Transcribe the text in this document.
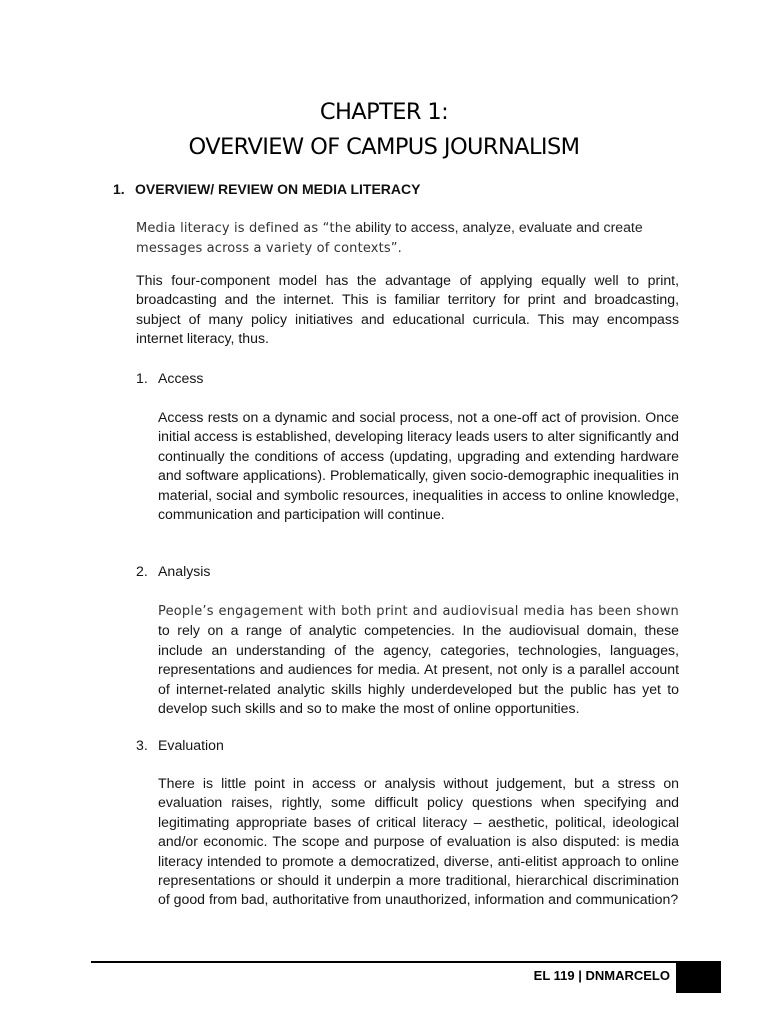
CHAPTER 1:
OVERVIEW OF CAMPUS JOURNALISM
1. OVERVIEW/ REVIEW ON MEDIA LITERACY

Media literacy is defined as “the ability to access, analyze, evaluate and create
messages across a variety of contexts”.

This four-component model has the advantage of applying equally well to print, broadcasting and the internet. This is familiar territory for print and broadcasting, subject of many policy initiatives and educational curricula. This may encompass internet literacy, thus.

1. Access

Access rests on a dynamic and social process, not a one-off act of provision. Once initial access is established, developing literacy leads users to alter significantly and continually the conditions of access (updating, upgrading and extending hardware and software applications). Problematically, given socio-demographic inequalities in material, social and symbolic resources, inequalities in access to online knowledge, communication and participation will continue.

2. Analysis

People’s engagement with both print and audiovisual media has been shown to rely on a range of analytic competencies. In the audiovisual domain, these include an understanding of the agency, categories, technologies, languages, representations and audiences for media. At present, not only is a parallel account of internet-related analytic skills highly underdeveloped but the public has yet to develop such skills and so to make the most of online opportunities.

3. Evaluation

There is little point in access or analysis without judgement, but a stress on evaluation raises, rightly, some difficult policy questions when specifying and legitimating appropriate bases of critical literacy – aesthetic, political, ideological and/or economic. The scope and purpose of evaluation is also disputed: is media literacy intended to promote a democratized, diverse, anti-elitist approach to online representations or should it underpin a more traditional, hierarchical discrimination of good from bad, authoritative from unauthorized, information and communication?

EL 119 | DNMARCELO
